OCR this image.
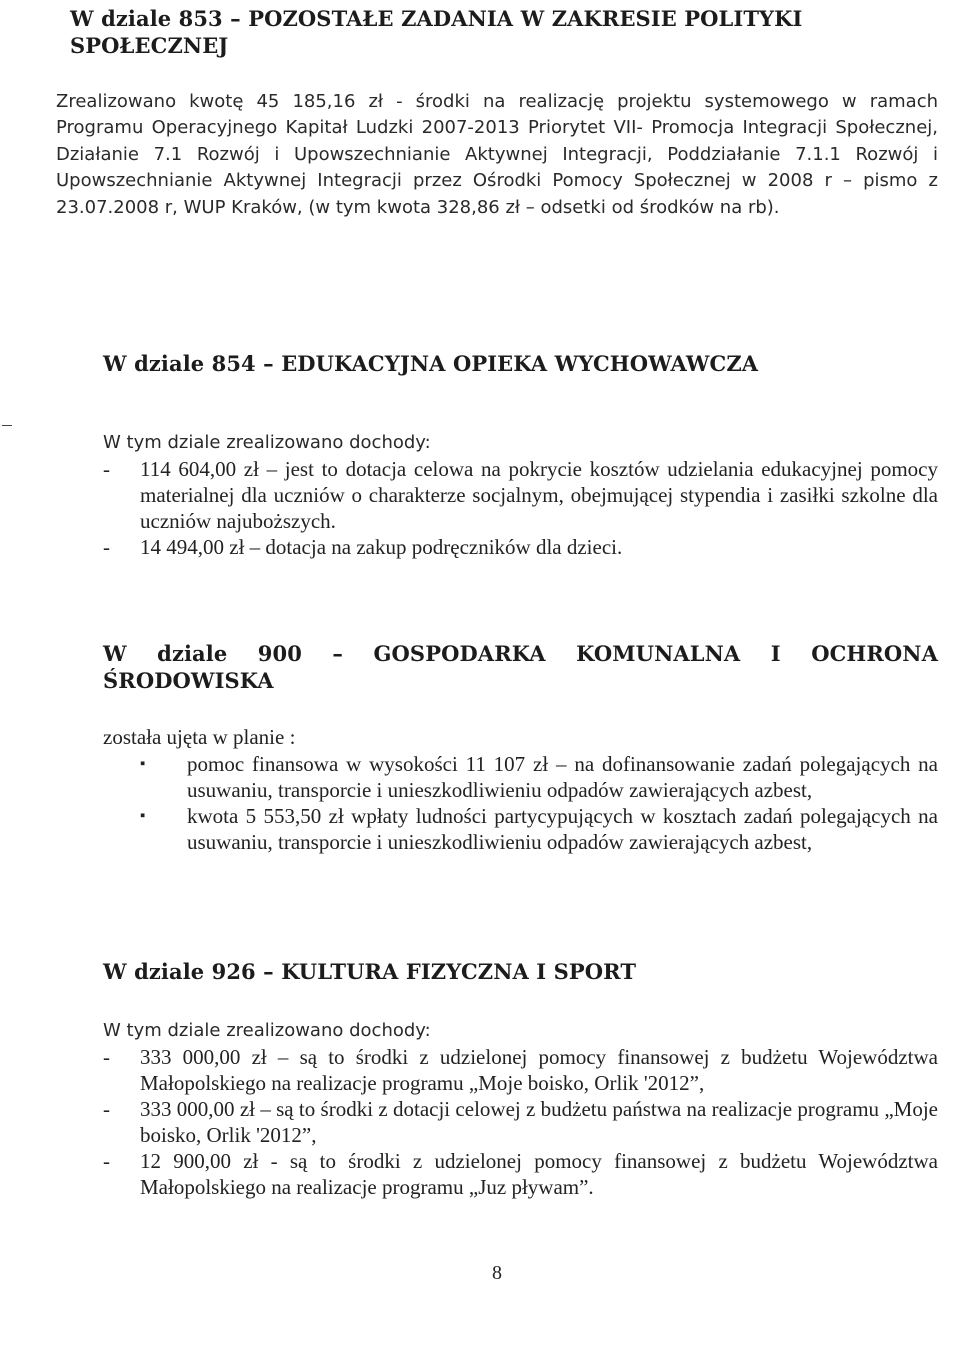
W dziale 853 – POZOSTAŁE ZADANIA W ZAKRESIE POLITYKI SPOŁECZNEJ

Zrealizowano kwotę 45 185,16 zł - środki na realizację projektu systemowego w ramach Programu Operacyjnego Kapitał Ludzki 2007-2013 Priorytet VII- Promocja Integracji Społecznej, Działanie 7.1 Rozwój i Upowszechnianie Aktywnej Integracji, Poddziałanie 7.1.1 Rozwój i Upowszechnianie Aktywnej Integracji przez Ośrodki Pomocy Społecznej w 2008 r – pismo z 23.07.2008 r, WUP Kraków, (w tym kwota 328,86 zł – odsetki od środków na rb).

W dziale 854 – EDUKACYJNA OPIEKA WYCHOWAWCZA

W tym dziale zrealizowano dochody:

- 114 604,00 zł – jest to dotacja celowa na pokrycie kosztów udzielania edukacyjnej pomocy materialnej dla uczniów o charakterze socjalnym, obejmującej stypendia i zasiłki szkolne dla uczniów najuboższych.
- 14 494,00 zł – dotacja na zakup podręczników dla dzieci.
W dziale 900 – GOSPODARKA KOMUNALNA I OCHRONA
ŚRODOWISKA

została ujęta w planie :

▪ pomoc finansowa w wysokości 11 107 zł – na dofinansowanie zadań polegających na usuwaniu, transporcie i unieszkodliwieniu odpadów zawierających azbest,
▪ kwota 5 553,50 zł wpłaty ludności partycypujących w kosztach zadań polegających na usuwaniu, transporcie i unieszkodliwieniu odpadów zawierających azbest,
W dziale 926 – KULTURA FIZYCZNA I SPORT

W tym dziale zrealizowano dochody:

- 333 000,00 zł – są to środki z udzielonej pomocy finansowej z budżetu Województwa Małopolskiego na realizacje programu „Moje boisko, Orlik '2012”,
- 333 000,00 zł – są to środki z dotacji celowej z budżetu państwa na realizacje programu „Moje boisko, Orlik '2012”,
- 12 900,00 zł - są to środki z udzielonej pomocy finansowej z budżetu Województwa Małopolskiego na realizacje programu „Juz pływam”.
8
